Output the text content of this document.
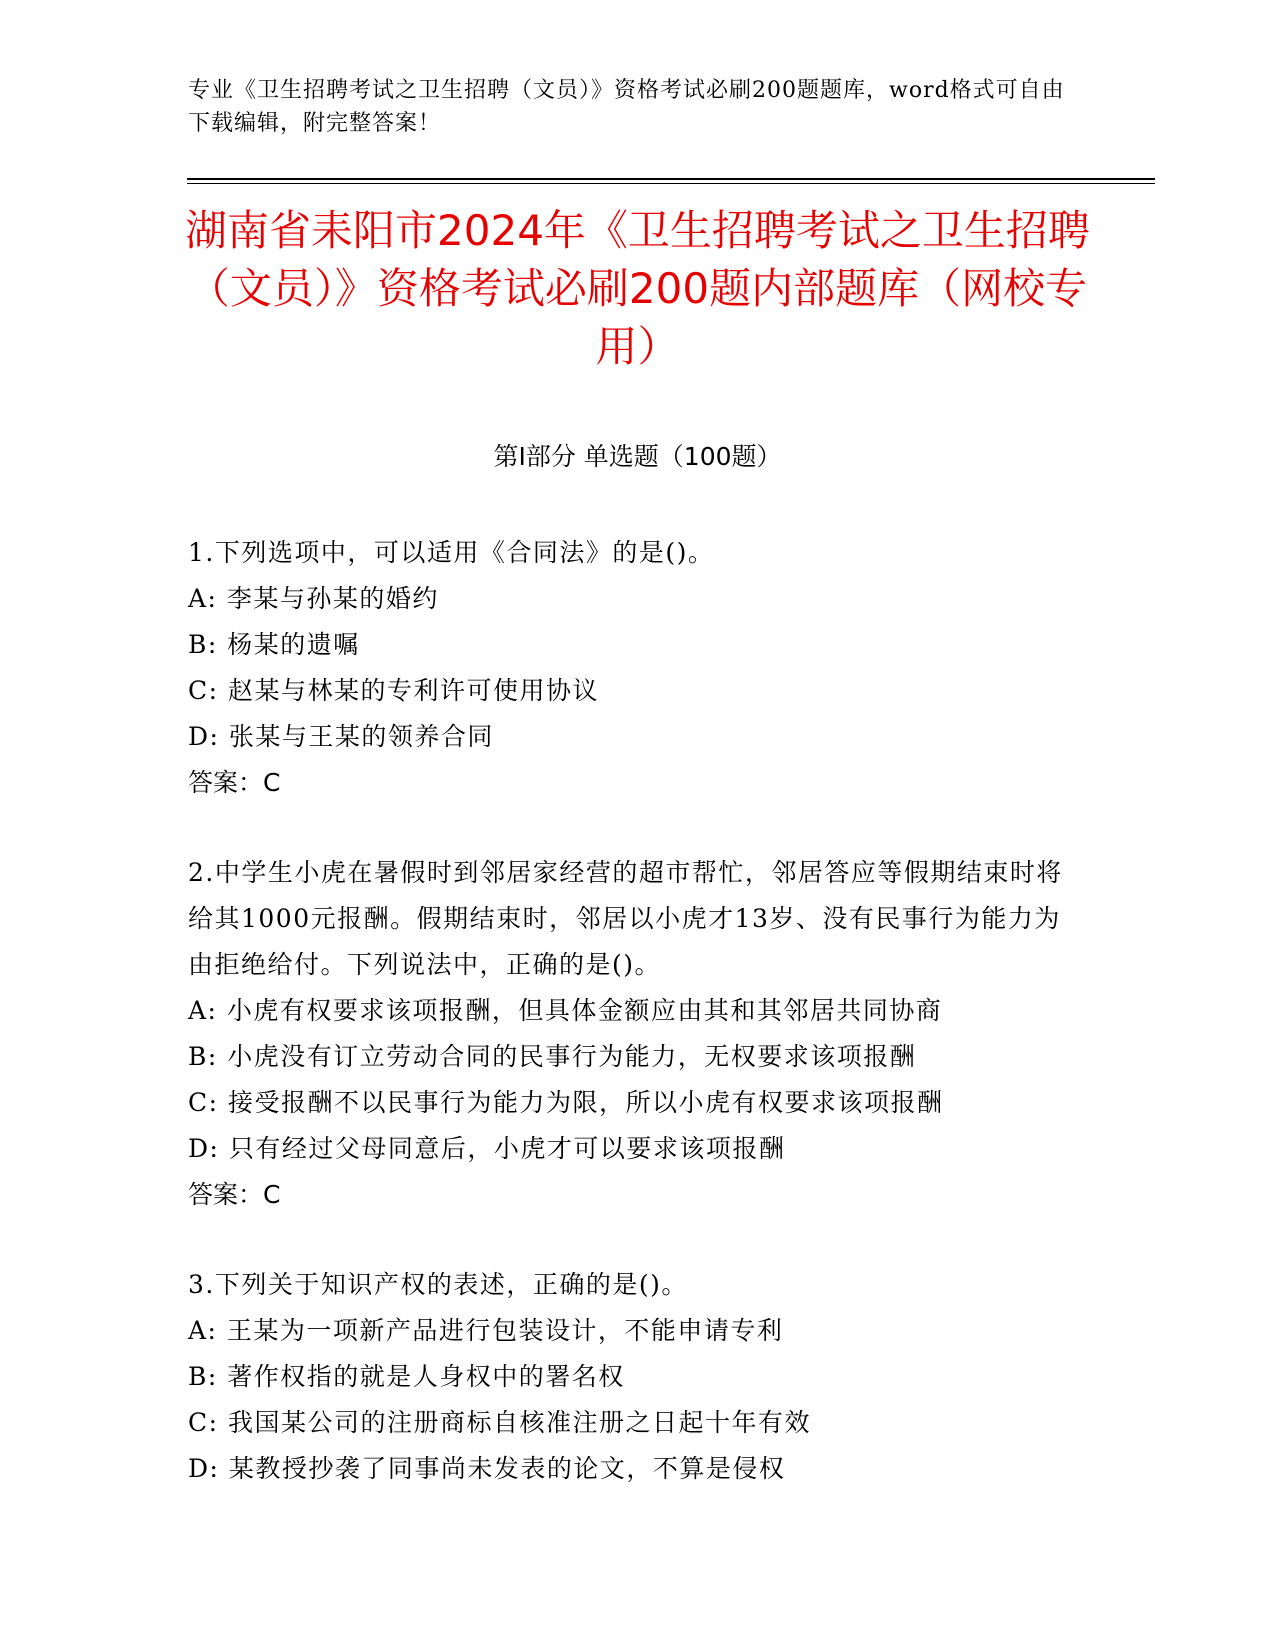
专业《卫生招聘考试之卫生招聘（文员）》资格考试必刷200题题库，word格式可自由下载编辑，附完整答案！
湖南省耒阳市2024年《卫生招聘考试之卫生招聘（文员）》资格考试必刷200题内部题库（网校专用）
第Ⅰ部分 单选题（100题）
1.下列选项中，可以适用《合同法》的是()。
A: 李某与孙某的婚约
B: 杨某的遗嘱
C: 赵某与林某的专利许可使用协议
D: 张某与王某的领养合同
答案：C
2.中学生小虎在暑假时到邻居家经营的超市帮忙，邻居答应等假期结束时将给其1000元报酬。假期结束时，邻居以小虎才13岁、没有民事行为能力为由拒绝给付。下列说法中，正确的是()。
A: 小虎有权要求该项报酬，但具体金额应由其和其邻居共同协商
B: 小虎没有订立劳动合同的民事行为能力，无权要求该项报酬
C: 接受报酬不以民事行为能力为限，所以小虎有权要求该项报酬
D: 只有经过父母同意后，小虎才可以要求该项报酬
答案：C
3.下列关于知识产权的表述，正确的是()。
A: 王某为一项新产品进行包装设计，不能申请专利
B: 著作权指的就是人身权中的署名权
C: 我国某公司的注册商标自核准注册之日起十年有效
D: 某教授抄袭了同事尚未发表的论文，不算是侵权
